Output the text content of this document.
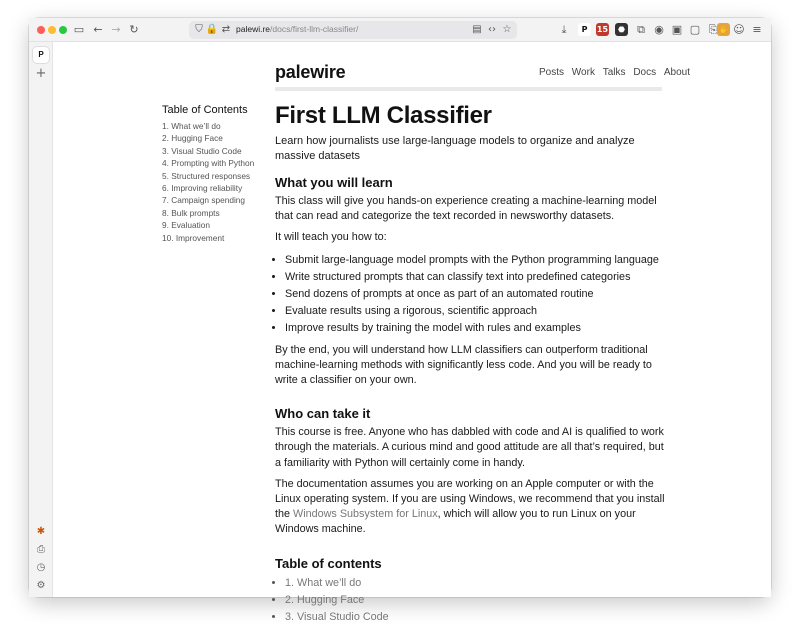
▭ ← → ↻	⛉ 🔒 ⇄ palewi.re/docs/first-llm-classifier/	▤ ‹› ☆	⤓	P	15	⬣	⧉ ◉ ▣ ▢ ⎘ ✋ ☺ ≡
P
+
✱
⎙
◷
⚙
palewire	Posts Work Talks Docs About
Table of Contents
1. What we’ll do
2. Hugging Face
3. Visual Studio Code
4. Prompting with Python
5. Structured responses
6. Improving reliability
7. Campaign spending
8. Bulk prompts
9. Evaluation
10. Improvement
First LLM Classifier
Learn how journalists use large-language models to organize and analyze massive datasets
What you will learn

This class will give you hands-on experience creating a machine-learning model that can read and categorize the text recorded in newsworthy datasets.

It will teach you how to:

• Submit large-language model prompts with the Python programming language
• Write structured prompts that can classify text into predefined categories
• Send dozens of prompts at once as part of an automated routine
• Evaluate results using a rigorous, scientific approach
• Improve results by training the model with rules and examples

By the end, you will understand how LLM classifiers can outperform traditional machine-learning methods with significantly less code. And you will be ready to write a classifier on your own.

Who can take it

This course is free. Anyone who has dabbled with code and AI is qualified to work through the materials. A curious mind and good attitude are all that’s required, but a familiarity with Python will certainly come in handy.

The documentation assumes you are working on an Apple computer or with the Linux operating system. If you are using Windows, we recommend that you install the Windows Subsystem for Linux, which will allow you to run Linux on your Windows machine.

Table of contents
• 1. What we’ll do
• 2. Hugging Face
• 3. Visual Studio Code
